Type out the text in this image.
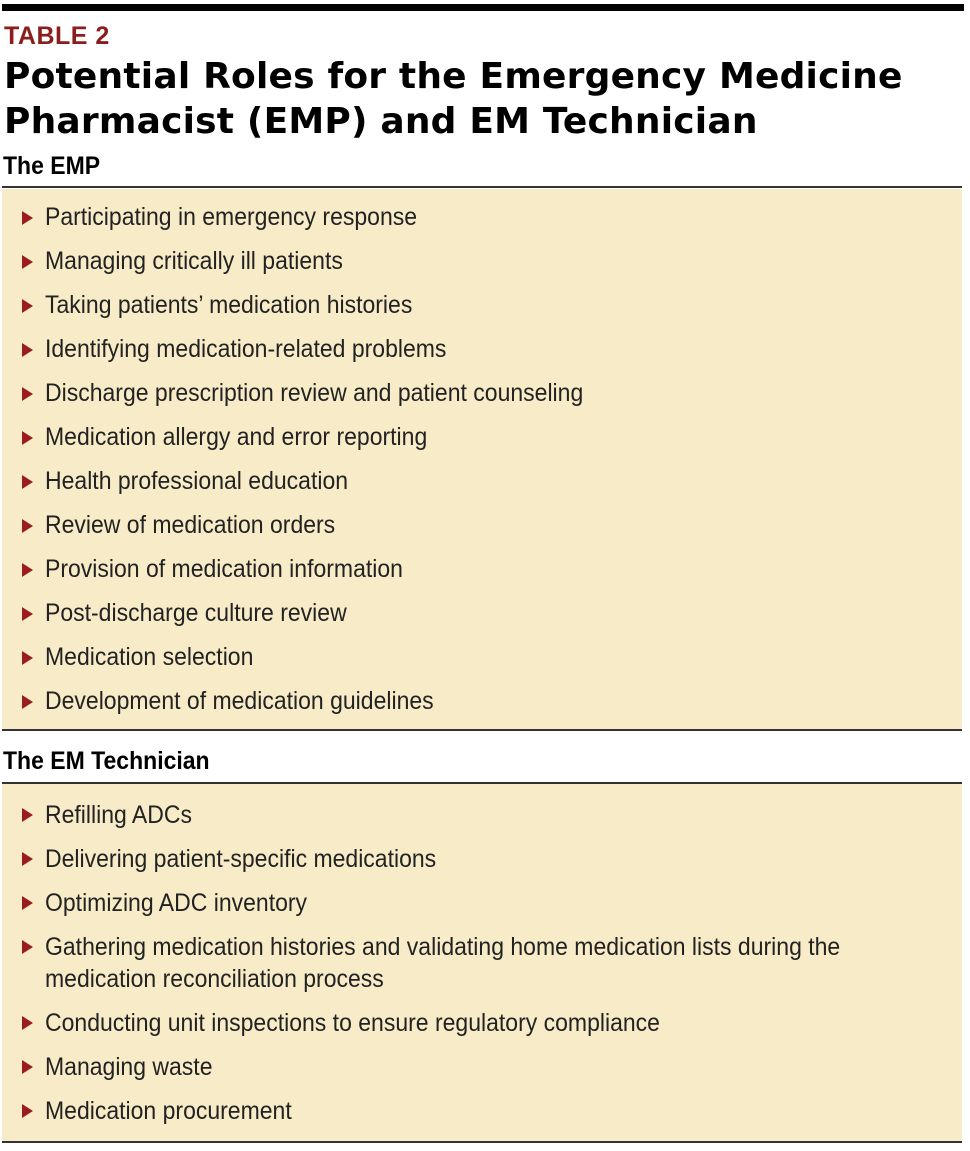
TABLE 2
Potential Roles for the Emergency Medicine Pharmacist (EMP) and EM Technician
The EMP
Participating in emergency response
Managing critically ill patients
Taking patients’ medication histories
Identifying medication-related problems
Discharge prescription review and patient counseling
Medication allergy and error reporting
Health professional education
Review of medication orders
Provision of medication information
Post-discharge culture review
Medication selection
Development of medication guidelines
The EM Technician
Refilling ADCs
Delivering patient-specific medications
Optimizing ADC inventory
Gathering medication histories and validating home medication lists during the
medication reconciliation process
Conducting unit inspections to ensure regulatory compliance
Managing waste
Medication procurement
